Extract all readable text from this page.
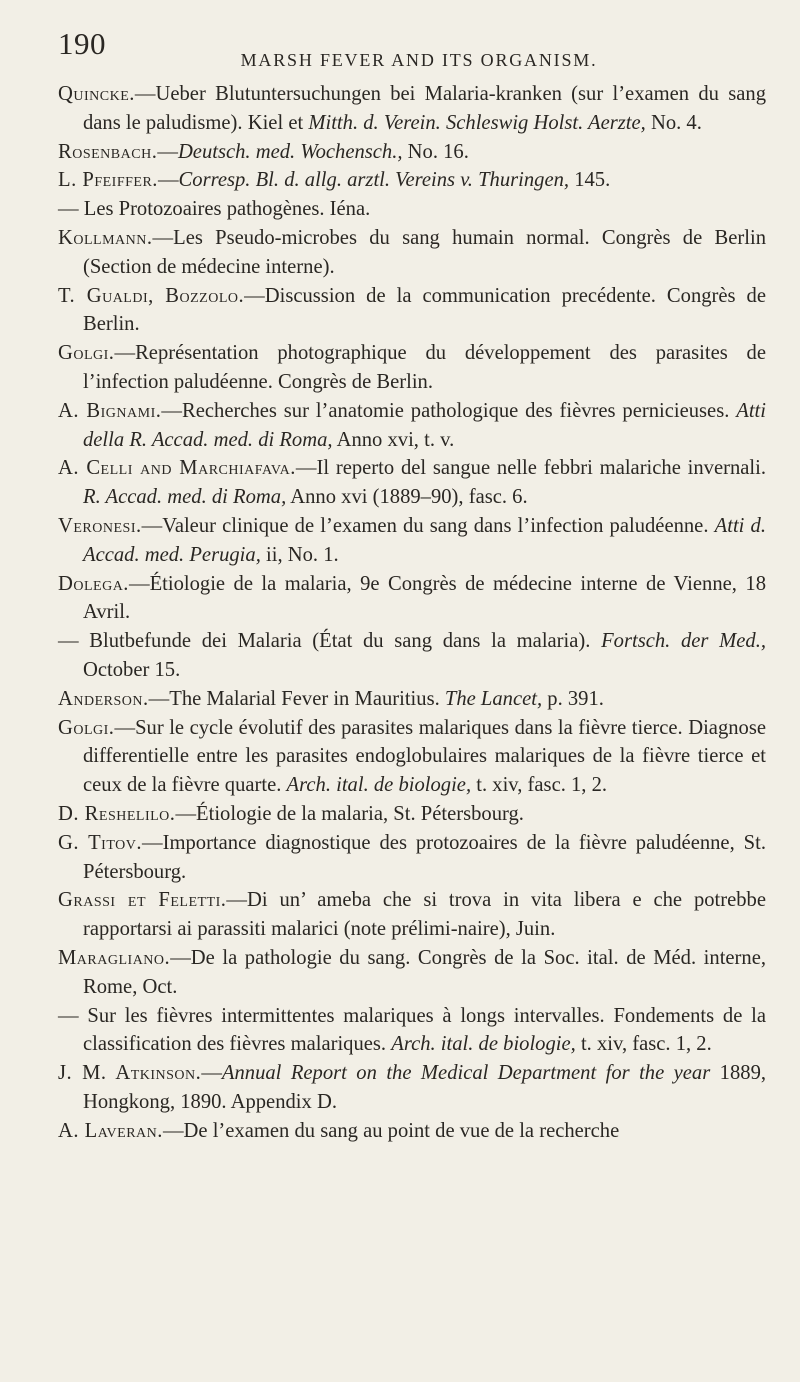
190	MARSH FEVER AND ITS ORGANISM.

Quincke.—Ueber Blutuntersuchungen bei Malaria-kranken (sur l’examen du sang dans le paludisme). Kiel et Mitth. d. Verein. Schleswig Holst. Aerzte, No. 4.

Rosenbach.—Deutsch. med. Wochensch., No. 16.

L. Pfeiffer.—Corresp. Bl. d. allg. arztl. Vereins v. Thuringen, 145.

— Les Protozoaires pathogènes. Iéna.

Kollmann.—Les Pseudo-microbes du sang humain normal. Congrès de Berlin (Section de médecine interne).

T. Gualdi, Bozzolo.—Discussion de la communication precédente. Congrès de Berlin.

Golgi.—Représentation photographique du développement des parasites de l’infection paludéenne. Congrès de Berlin.

A. Bignami.—Recherches sur l’anatomie pathologique des fièvres pernicieuses. Atti della R. Accad. med. di Roma, Anno xvi, t. v.

A. Celli and Marchiafava.—Il reperto del sangue nelle febbri malariche invernali. R. Accad. med. di Roma, Anno xvi (1889–90), fasc. 6.

Veronesi.—Valeur clinique de l’examen du sang dans l’infection paludéenne. Atti d. Accad. med. Perugia, ii, No. 1.

Dolega.—Étiologie de la malaria, 9e Congrès de médecine interne de Vienne, 18 Avril.

— Blutbefunde dei Malaria (État du sang dans la malaria). Fortsch. der Med., October 15.

Anderson.—The Malarial Fever in Mauritius. The Lancet, p. 391.

Golgi.—Sur le cycle évolutif des parasites malariques dans la fièvre tierce. Diagnose differentielle entre les parasites endoglobulaires malariques de la fièvre tierce et ceux de la fièvre quarte. Arch. ital. de biologie, t. xiv, fasc. 1, 2.

D. Reshelilo.—Étiologie de la malaria, St. Pétersbourg.

G. Titov.—Importance diagnostique des protozoaires de la fièvre paludéenne, St. Pétersbourg.

Grassi et Feletti.—Di un’ ameba che si trova in vita libera e che potrebbe rapportarsi ai parassiti malarici (note prélimi-naire), Juin.

Maragliano.—De la pathologie du sang. Congrès de la Soc. ital. de Méd. interne, Rome, Oct.

— Sur les fièvres intermittentes malariques à longs intervalles. Fondements de la classification des fièvres malariques. Arch. ital. de biologie, t. xiv, fasc. 1, 2.

J. M. Atkinson.—Annual Report on the Medical Department for the year 1889, Hongkong, 1890. Appendix D.

A. Laveran.—De l’examen du sang au point de vue de la recherche
